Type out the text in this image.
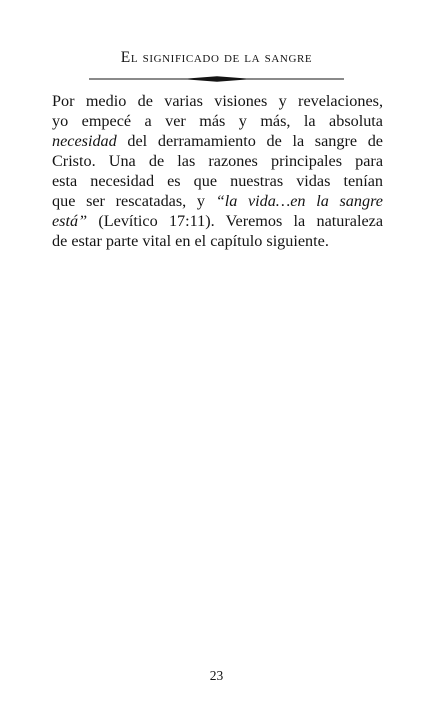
El significado de la sangre

Por medio de varias visiones y revelaciones,
yo empecé a ver más y más, la absoluta
necesidad del derramamiento de la sangre de
Cristo. Una de las razones principales para
esta necesidad es que nuestras vidas tenían
que ser rescatadas, y “la vida…en la sangre
está” (Levítico 17:11). Veremos la naturaleza
de estar parte vital en el capítulo siguiente.

23
